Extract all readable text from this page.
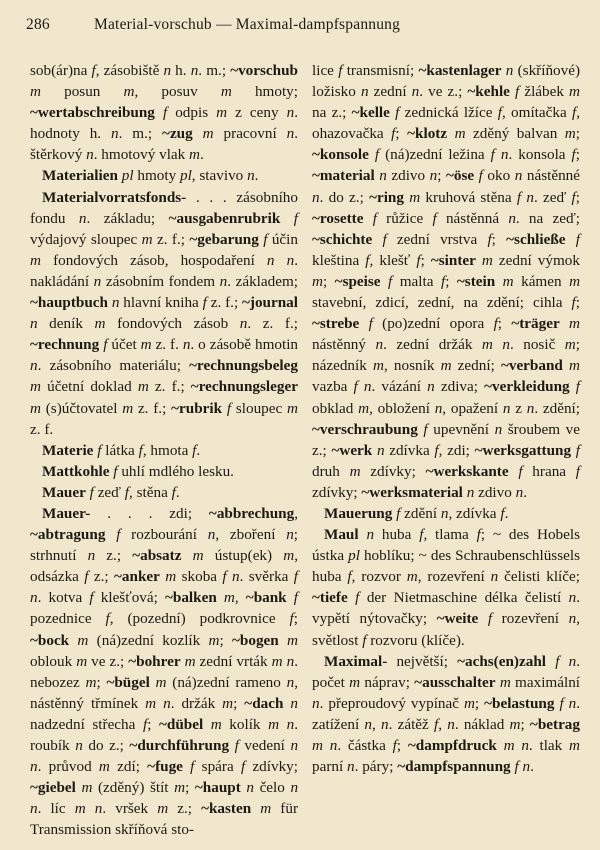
286	Material-vorschub — Maximal-dampfspannung

sob(ár)na f, zásobiště n h. n. m.; ~vorschub m posun m, posuv m hmoty; ~wertabschreibung f odpis m z ceny n. hodnoty h. n. m.; ~zug m pracovní n. štěrkový n. hmotový vlak m.

Materialien pl hmoty pl, stavivo n.

Materialvorratsfonds- . . . zásobního fondu n. základu; ~ausgabenrubrik f výdajový sloupec m z. f.; ~gebarung f účin m fondových zásob, hospodaření n n. nakládání n zásobním fondem n. základem; ~hauptbuch n hlavní kniha f z. f.; ~journal n deník m fondových zásob n. z. f.; ~rechnung f účet m z. f. n. o zásobě hmotin n. zásobního materiálu; ~rechnungsbeleg m účetní doklad m z. f.; ~rechnungsleger m (s)účtovatel m z. f.; ~rubrik f sloupec m z. f.

Materie f látka f, hmota f.

Mattkohle f uhlí mdlého lesku.

Mauer f zeď f, stěna f.

Mauer- . . . zdi; ~abbrechung, ~abtragung f rozbourání n, zboření n; strhnutí n z.; ~absatz m ústup(ek) m, odsázka f z.; ~anker m skoba f n. svěrka f n. kotva f klešťová; ~balken m, ~bank f pozednice f, (pozední) podkrovnice f; ~bock m (ná)zední kozlík m; ~bogen m oblouk m ve z.; ~bohrer m zední vrták m n. nebozez m; ~bügel m (ná)zední rameno n, nástěnný třmínek m n. držák m; ~dach n nadzední střecha f; ~dübel m kolík m n. roubík n do z.; ~durchführung f vedení n n. průvod m zdí; ~fuge f spára f zdívky; ~giebel m (zděný) štít m; ~haupt n čelo n n. líc m n. vršek m z.; ~kasten m für Transmission skříňová sto-

lice f transmisní; ~kastenlager n (skříňové) ložisko n zední n. ve z.; ~kehle f žlábek m na z.; ~kelle f zednická lžíce f, omítačka f, ohazovačka f; ~klotz m zděný balvan m; ~konsole f (ná)zední ležina f n. konsola f; ~material n zdivo n; ~öse f oko n nástěnné n. do z.; ~ring m kruhová stěna f n. zeď f; ~rosette f růžice f nástěnná n. na zeď; ~schichte f zední vrstva f; ~schließe f kleština f, klešť f; ~sinter m zední výmok m; ~speise f malta f; ~stein m kámen m stavební, zdicí, zední, na zdění; cihla f; ~strebe f (po)zední opora f; ~träger m nástěnný n. zední držák m n. nosič m; názedník m, nosník m zední; ~verband m vazba f n. vázání n zdiva; ~verkleidung f obklad m, obložení n, opažení n z n. zdění; ~verschraubung f upevnění n šroubem ve z.; ~werk n zdívka f, zdi; ~werksgattung f druh m zdívky; ~werkskante f hrana f zdívky; ~werksmaterial n zdivo n.

Mauerung f zdění n, zdívka f.

Maul n huba f, tlama f; ~ des Hobels ústka pl hoblíku; ~ des Schraubenschlüssels huba f, rozvor m, rozevření n čelisti klíče; ~tiefe f der Nietmaschine délka čelistí n. vypětí nýtovačky; ~weite f rozevření n, světlost f rozvoru (klíče).

Maximal- největší; ~achs(en)zahl f n. počet m náprav; ~ausschalter m maximální n. přeproudový vypínač m; ~belastung f n. zatížení n, n. zátěž f, n. náklad m; ~betrag m n. částka f; ~dampfdruck m n. tlak m parní n. páry; ~dampfspannung f n.
